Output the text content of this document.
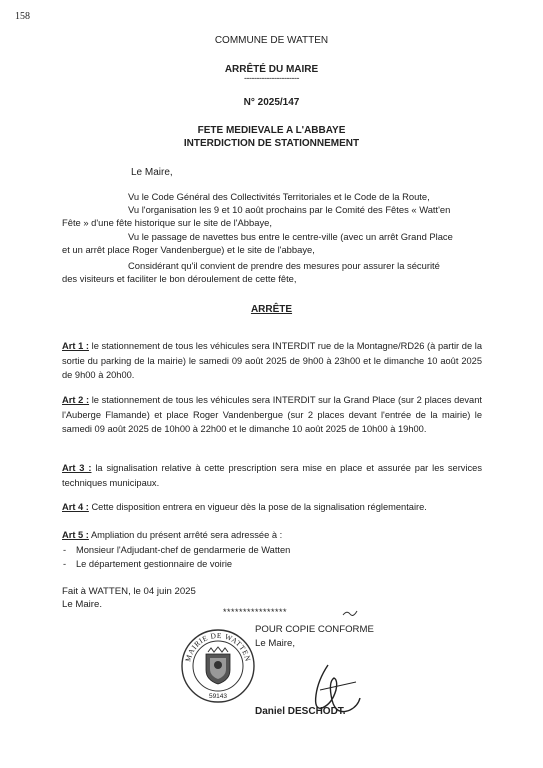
158
COMMUNE DE WATTEN
ARRÊTÉ DU MAIRE
----------------------
N° 2025/147
FETE MEDIEVALE A L'ABBAYE
INTERDICTION DE STATIONNEMENT
Le Maire,
Vu le Code Général des Collectivités Territoriales et le Code de la Route,
Vu l'organisation les 9 et 10 août prochains par le Comité des Fêtes « Watt'en
Fête » d'une fête historique sur le site de l'Abbaye,
Vu le passage de navettes bus entre le centre-ville (avec un arrêt Grand Place
et un arrêt place Roger Vandenbergue) et le site de l'abbaye,
Considérant qu'il convient de prendre des mesures pour assurer la sécurité
des visiteurs et faciliter le bon déroulement de cette fête,
ARRÊTE
Art 1 : le stationnement de tous les véhicules sera INTERDIT rue de la Montagne/RD26 (à partir de la sortie du parking de la mairie) le samedi 09 août 2025 de 9h00 à 23h00 et le dimanche 10 août 2025 de 9h00 à 20h00.
Art 2 : le stationnement de tous les véhicules sera INTERDIT sur la Grand Place (sur 2 places devant l'Auberge Flamande) et place Roger Vandenbergue (sur 2 places devant l'entrée de la mairie) le samedi 09 août 2025 de 10h00 à 22h00 et le dimanche 10 août 2025 de 10h00 à 19h00.
Art 3 : la signalisation relative à cette prescription sera mise en place et assurée par les services techniques municipaux.
Art 4 : Cette disposition entrera en vigueur dès la pose de la signalisation réglementaire.
Art 5 : Ampliation du présent arrêté sera adressée à :
- Monsieur l'Adjudant-chef de gendarmerie de Watten
- Le département gestionnaire de voirie
Fait à WATTEN, le 04 juin 2025
Le Maire.
****************
POUR COPIE CONFORME
Le Maire,
MAIRIE DE WATTEN
59143
Daniel DESCHODT.
